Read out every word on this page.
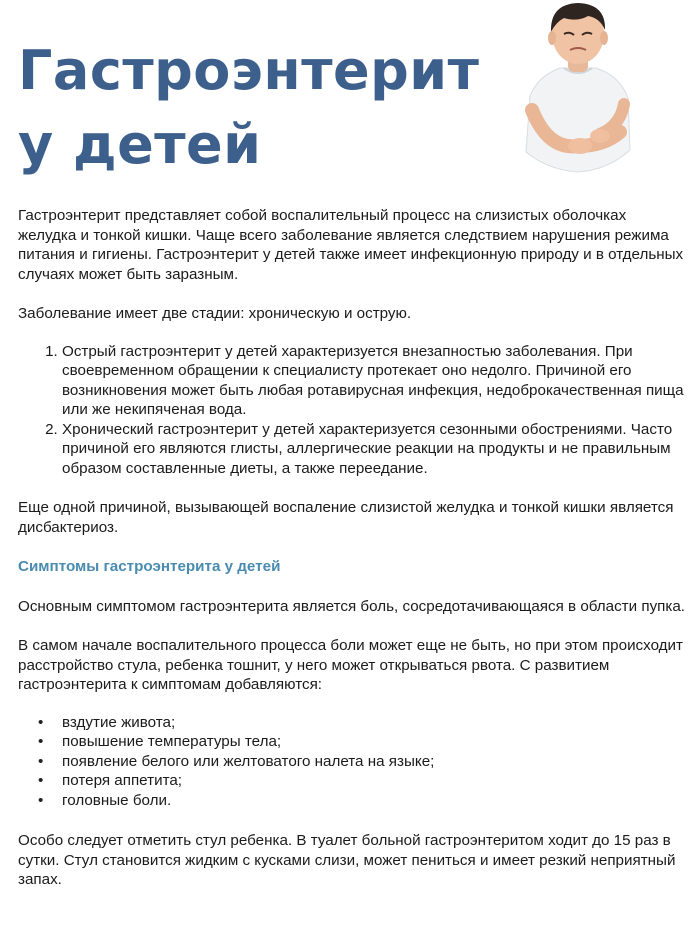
Гастроэнтерит
у детей

Гастроэнтерит представляет собой воспалительный процесс на слизистых оболочках желудка и тонкой кишки. Чаще всего заболевание является следствием нарушения режима питания и гигиены. Гастроэнтерит у детей также имеет инфекционную природу и в отдельных случаях может быть заразным.

Заболевание имеет две стадии: хроническую и острую.

1. Острый гастроэнтерит у детей характеризуется внезапностью заболевания. При своевременном обращении к специалисту протекает оно недолго. Причиной его возникновения может быть любая ротавирусная инфекция, недоброкачественная пища или же некипяченая вода.
2. Хронический гастроэнтерит у детей характеризуется сезонными обострениями. Часто причиной его являются глисты, аллергические реакции на продукты и не правильным образом составленные диеты, а также переедание.

Еще одной причиной, вызывающей воспаление слизистой желудка и тонкой кишки является дисбактериоз.

Симптомы гастроэнтерита у детей

Основным симптомом гастроэнтерита является боль, сосредотачивающаяся в области пупка.

В самом начале воспалительного процесса боли может еще не быть, но при этом происходит расстройство стула, ребенка тошнит, у него может открываться рвота. С развитием гастроэнтерита к симптомам добавляются:

• вздутие живота;
• повышение температуры тела;
• появление белого или желтоватого налета на языке;
• потеря аппетита;
• головные боли.

Особо следует отметить стул ребенка. В туалет больной гастроэнтеритом ходит до 15 раз в сутки. Стул становится жидким с кусками слизи, может пениться и имеет резкий неприятный запах.
